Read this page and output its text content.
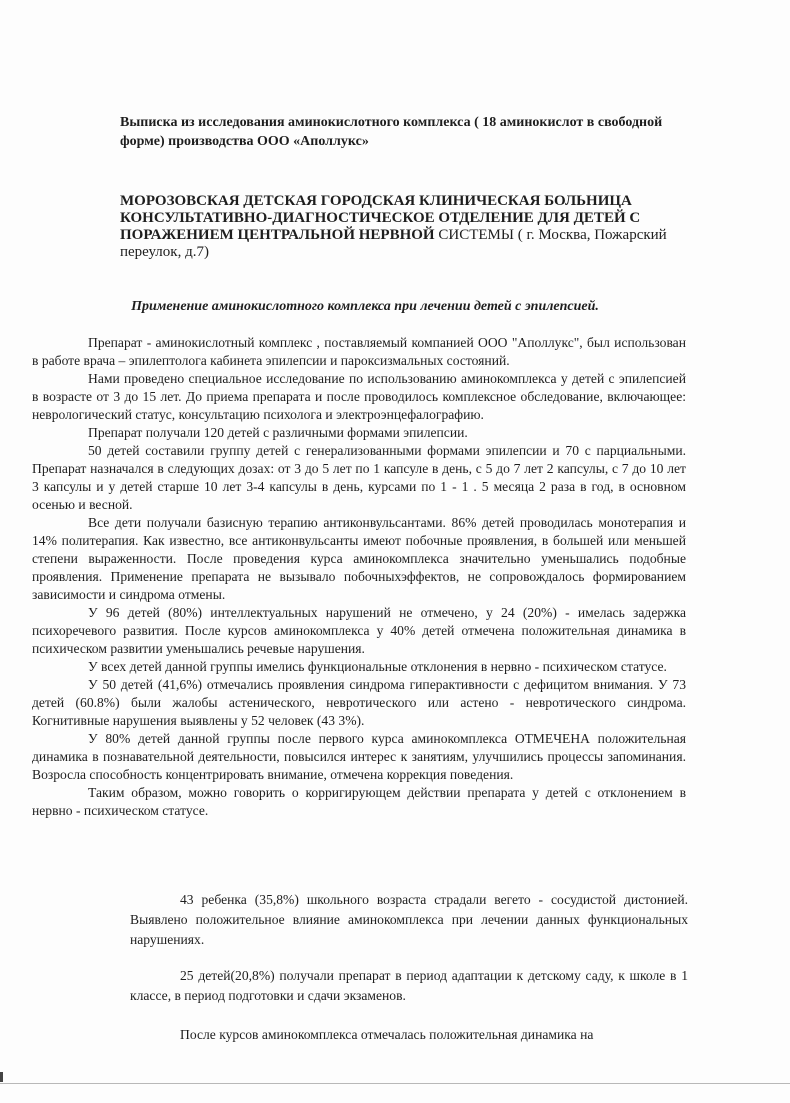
Выписка из исследования аминокислотного комплекса ( 18 аминокислот в свободной форме) производства ООО «Аполлукс»
МОРОЗОВСКАЯ ДЕТСКАЯ ГОРОДСКАЯ КЛИНИЧЕСКАЯ БОЛЬНИЦА КОНСУЛЬТАТИВНО-ДИАГНОСТИЧЕСКОЕ ОТДЕЛЕНИЕ ДЛЯ ДЕТЕЙ С ПОРАЖЕНИЕМ ЦЕНТРАЛЬНОЙ НЕРВНОЙ СИСТЕМЫ ( г. Москва, Пожарский переулок, д.7)
Применение аминокислотного комплекса при лечении детей с эпилепсией.

Препарат - аминокислотный комплекс , поставляемый компанией ООО "Аполлукс", был использован в работе врача – эпилептолога кабинета эпилепсии и пароксизмальных состояний.

Нами проведено специальное исследование по использованию аминокомплекса у детей с эпилепсией в возрасте от 3 до 15 лет. До приема препарата и после проводилось комплексное обследование, включающее: неврологический статус, консультацию психолога и электроэнцефалографию.

Препарат получали 120 детей с различными формами эпилепсии.

50 детей составили группу детей с генерализованными формами эпилепсии и 70 с парциальными. Препарат назначался в следующих дозах: от 3 до 5 лет по 1 капсуле в день, с 5 до 7 лет 2 капсулы, с 7 до 10 лет 3 капсулы и у детей старше 10 лет 3-4 капсулы в день, курсами по 1 - 1 . 5 месяца 2 раза в год, в основном осенью и весной.

Все дети получали базисную терапию антиконвульсантами. 86% детей проводилась монотерапия и 14% политерапия. Как известно, все антиконвульсанты имеют побочные проявления, в большей или меньшей степени выраженности. После проведения курса аминокомплекса значительно уменьшались подобные проявления. Применение препарата не вызывало побочныхэффектов, не сопровождалось формированием зависимости и синдрома отмены.

У 96 детей (80%) интеллектуальных нарушений не отмечено, у 24 (20%) - имелась задержка психоречевого развития. После курсов аминокомплекса у 40% детей отмечена положительная динамика в психическом развитии уменьшались речевые нарушения.

У всех детей данной группы имелись функциональные отклонения в нервно - психическом статусе.

У 50 детей (41,6%) отмечались проявления синдрома гиперактивности с дефицитом внимания. У 73 детей (60.8%) были жалобы астенического, невротического или астено - невротического синдрома. Когнитивные нарушения выявлены у 52 человек (43 3%).

У 80% детей данной группы после первого курса аминокомплекса ОТМЕЧЕНА положительная динамика в познавательной деятельности, повысился интерес к занятиям, улучшились процессы запоминания. Возросла способность концентрировать внимание, отмечена коррекция поведения.

Таким образом, можно говорить о корригирующем действии препарата у детей с отклонением в нервно - психическом статусе.

43 ребенка (35,8%) школьного возраста страдали вегето - сосудистой дистонией. Выявлено положительное влияние аминокомплекса при лечении данных функциональных нарушениях.

25 детей(20,8%) получали препарат в период адаптации к детскому саду, к школе в 1 классе, в период подготовки и сдачи экзаменов.

После курсов аминокомплекса отмечалась положительная динамика на
